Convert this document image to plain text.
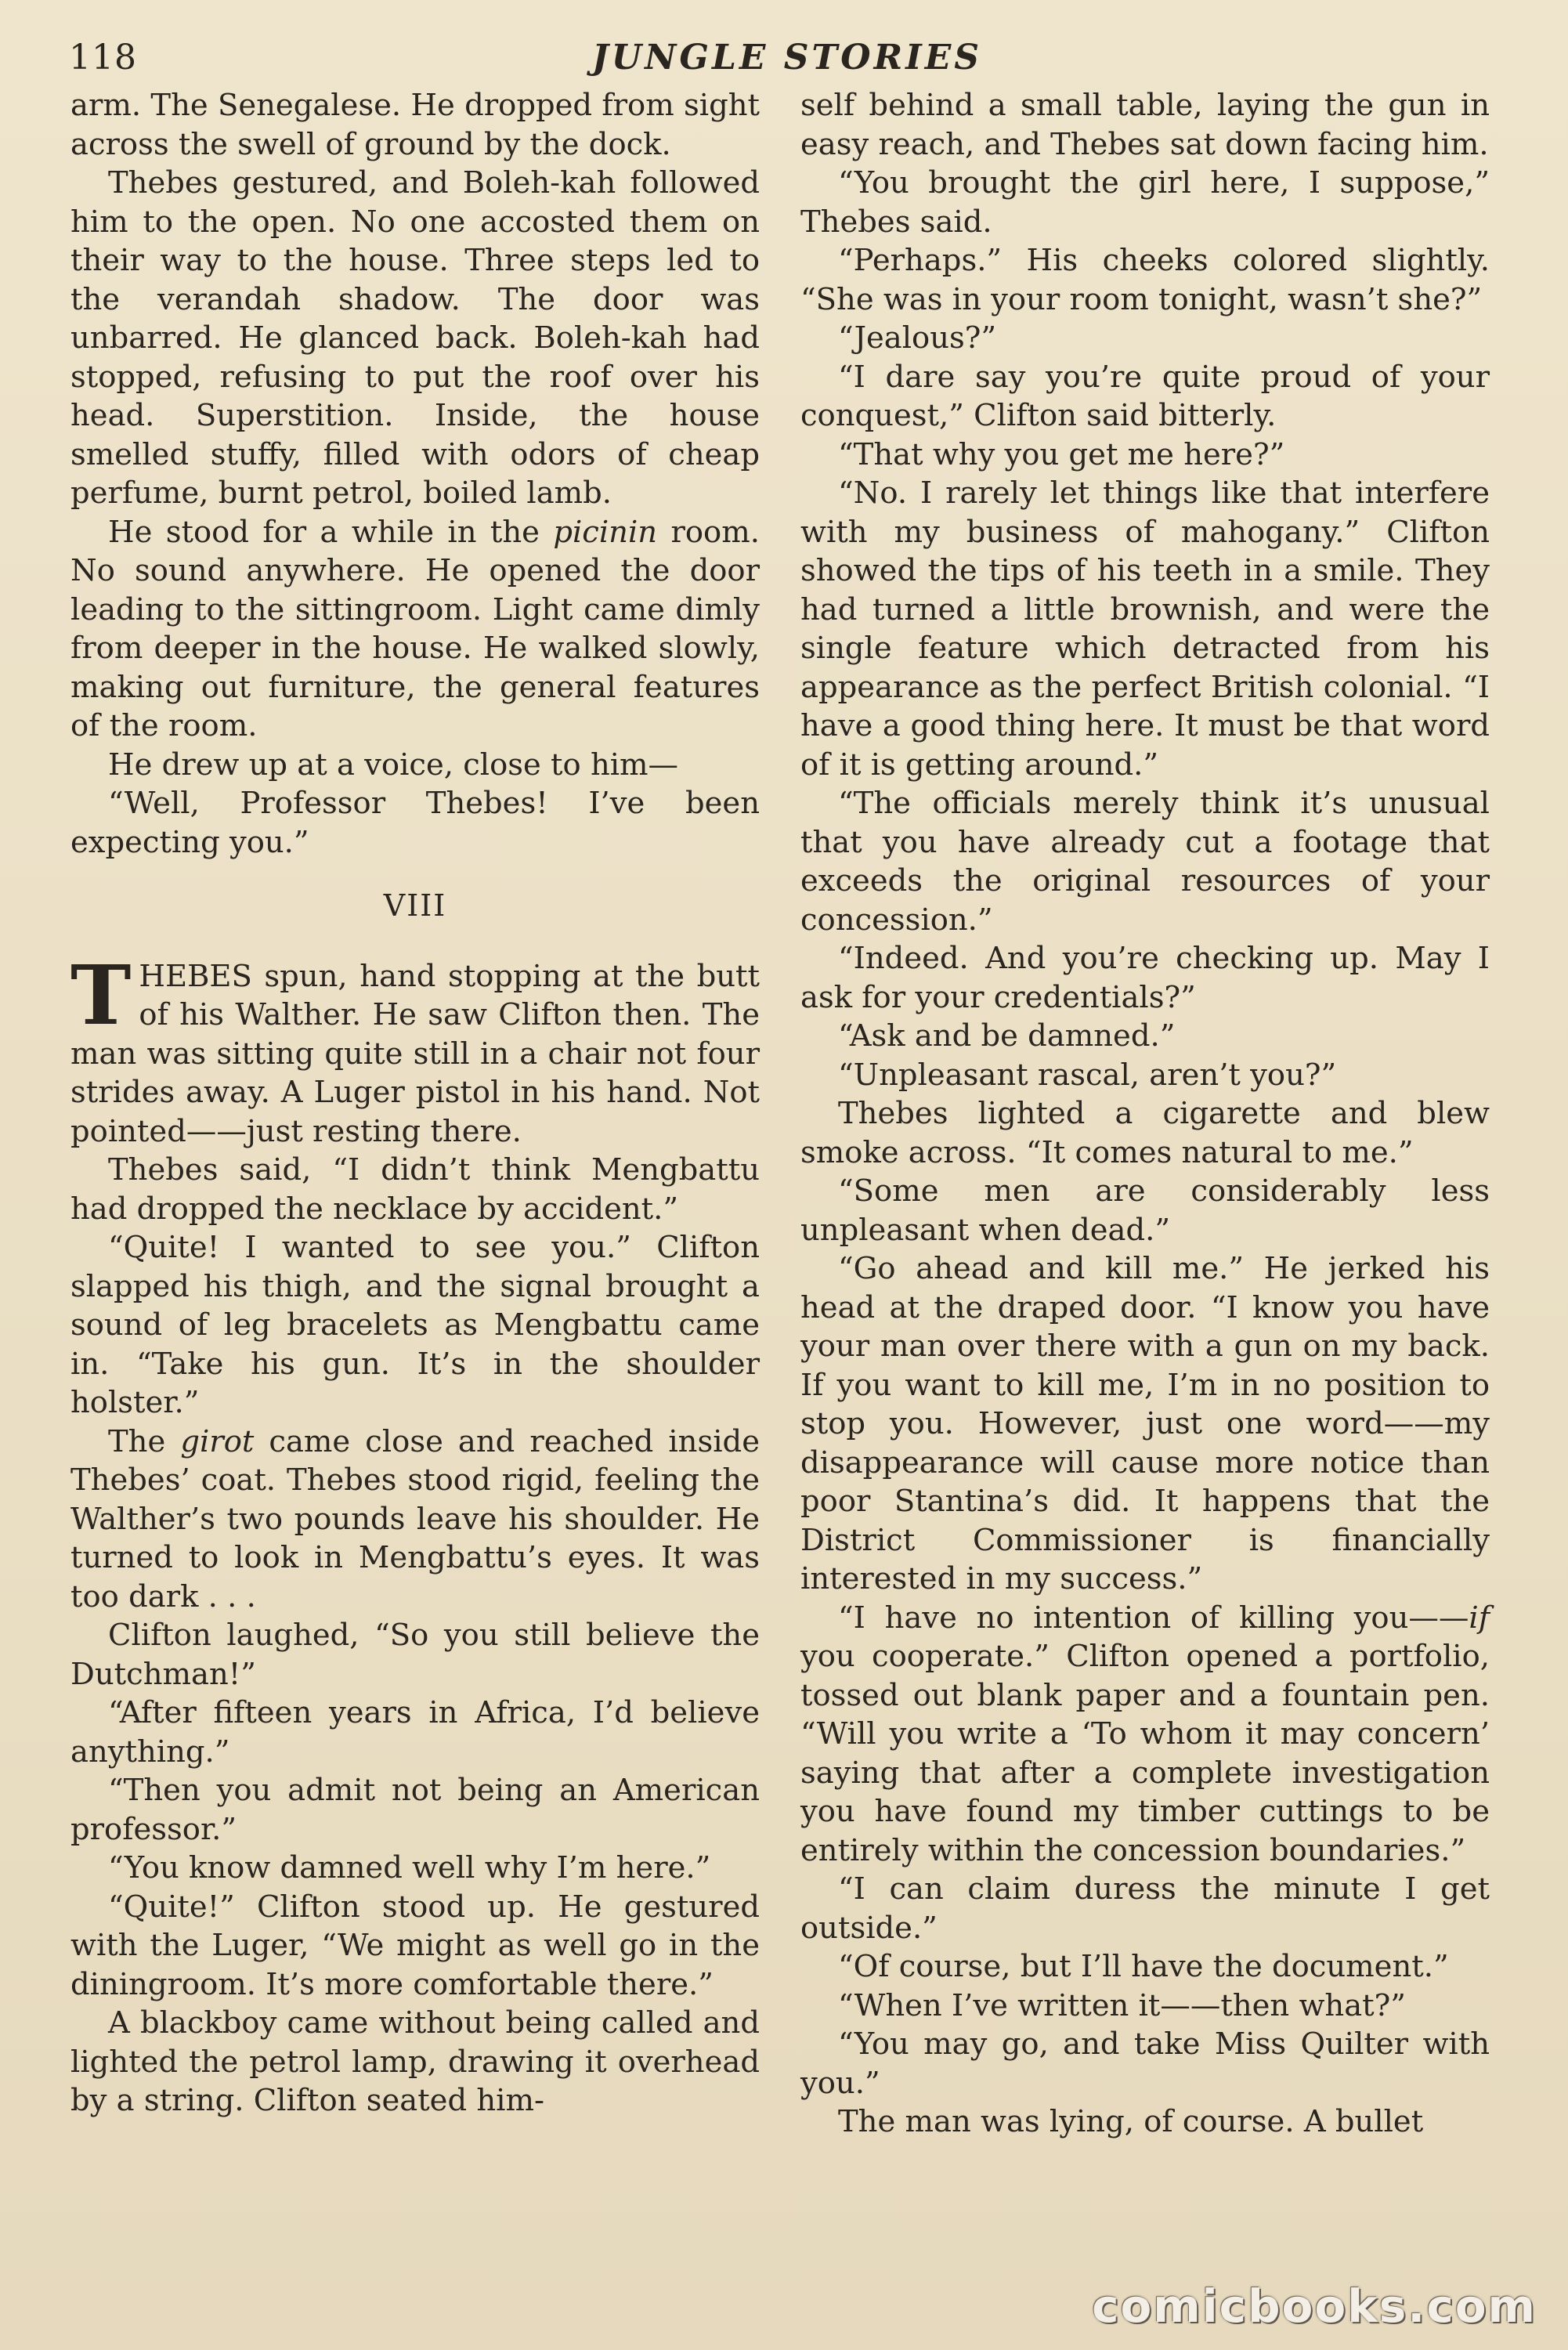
118	JUNGLE STORIES

arm. The Senegalese. He dropped from sight across the swell of ground by the dock.

Thebes gestured, and Boleh-kah followed him to the open. No one accosted them on their way to the house. Three steps led to the verandah shadow. The door was unbarred. He glanced back. Boleh-kah had stopped, refusing to put the roof over his head. Superstition. Inside, the house smelled stuffy, filled with odors of cheap perfume, burnt petrol, boiled lamb.

He stood for a while in the picinin room. No sound anywhere. He opened the door leading to the sittingroom. Light came dimly from deeper in the house. He walked slowly, making out furniture, the general features of the room.

He drew up at a voice, close to him—

“Well, Professor Thebes! I’ve been expecting you.”

VIII

THEBES spun, hand stopping at the butt of his Walther. He saw Clifton then. The man was sitting quite still in a chair not four strides away. A Luger pistol in his hand. Not pointed——just resting there.

Thebes said, “I didn’t think Mengbattu had dropped the necklace by accident.”

“Quite! I wanted to see you.” Clifton slapped his thigh, and the signal brought a sound of leg bracelets as Mengbattu came in. “Take his gun. It’s in the shoulder holster.”

The girot came close and reached inside Thebes’ coat. Thebes stood rigid, feeling the Walther’s two pounds leave his shoulder. He turned to look in Mengbattu’s eyes. It was too dark . . .

Clifton laughed, “So you still believe the Dutchman!”

“After fifteen years in Africa, I’d believe anything.”

“Then you admit not being an American professor.”

“You know damned well why I’m here.”

“Quite!” Clifton stood up. He gestured with the Luger, “We might as well go in the diningroom. It’s more comfortable there.”

A blackboy came without being called and lighted the petrol lamp, drawing it overhead by a string. Clifton seated him-

self behind a small table, laying the gun in easy reach, and Thebes sat down facing him.

“You brought the girl here, I suppose,” Thebes said.

“Perhaps.” His cheeks colored slightly. “She was in your room tonight, wasn’t she?”

“Jealous?”

“I dare say you’re quite proud of your conquest,” Clifton said bitterly.

“That why you get me here?”

“No. I rarely let things like that interfere with my business of mahogany.” Clifton showed the tips of his teeth in a smile. They had turned a little brownish, and were the single feature which detracted from his appearance as the perfect British colonial. “I have a good thing here. It must be that word of it is getting around.”

“The officials merely think it’s unusual that you have already cut a footage that exceeds the original resources of your concession.”

“Indeed. And you’re checking up. May I ask for your credentials?”

“Ask and be damned.”

“Unpleasant rascal, aren’t you?”

Thebes lighted a cigarette and blew smoke across. “It comes natural to me.”

“Some men are considerably less unpleasant when dead.”

“Go ahead and kill me.” He jerked his head at the draped door. “I know you have your man over there with a gun on my back. If you want to kill me, I’m in no position to stop you. However, just one word——my disappearance will cause more notice than poor Stantina’s did. It happens that the District Commissioner is financially interested in my success.”

“I have no intention of killing you——if you cooperate.” Clifton opened a portfolio, tossed out blank paper and a fountain pen. “Will you write a ‘To whom it may concern’ saying that after a complete investigation you have found my timber cuttings to be entirely within the concession boundaries.”

“I can claim duress the minute I get outside.”

“Of course, but I’ll have the document.”

“When I’ve written it——then what?”

“You may go, and take Miss Quilter with you.”

The man was lying, of course. A bullet

comicbooks.com
